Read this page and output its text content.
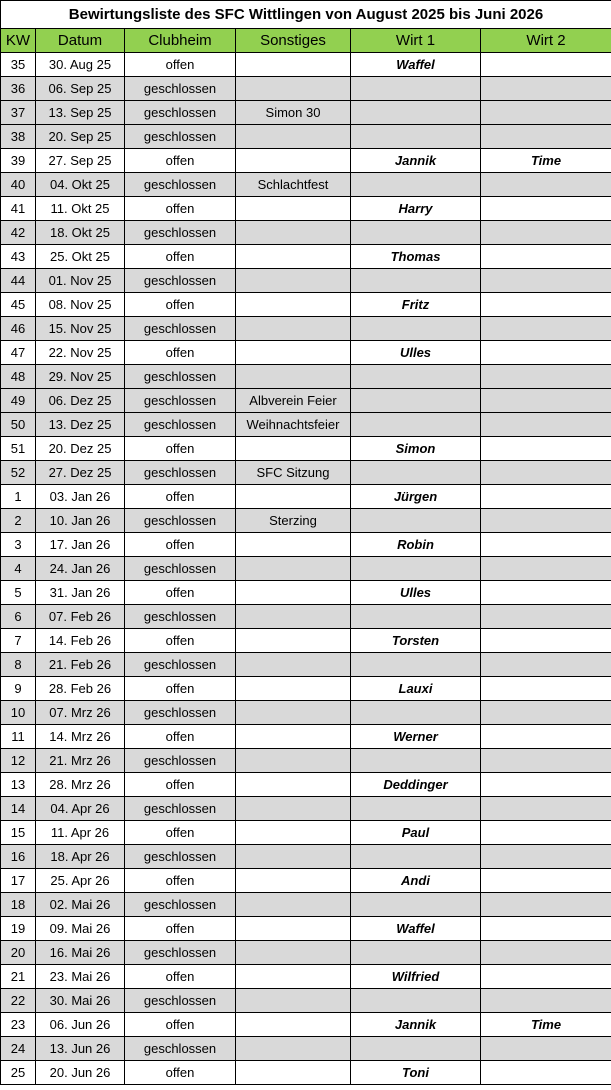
Bewirtungsliste des SFC Wittlingen von August 2025 bis Juni 2026					
KW	Datum	Clubheim	Sonstiges	Wirt 1	Wirt 2
35	30. Aug 25	offen		Waffel	
36	06. Sep 25	geschlossen			
37	13. Sep 25	geschlossen	Simon 30		
38	20. Sep 25	geschlossen			
39	27. Sep 25	offen		Jannik	Time
40	04. Okt 25	geschlossen	Schlachtfest		
41	11. Okt 25	offen		Harry	
42	18. Okt 25	geschlossen			
43	25. Okt 25	offen		Thomas	
44	01. Nov 25	geschlossen			
45	08. Nov 25	offen		Fritz	
46	15. Nov 25	geschlossen			
47	22. Nov 25	offen		Ulles	
48	29. Nov 25	geschlossen			
49	06. Dez 25	geschlossen	Albverein Feier		
50	13. Dez 25	geschlossen	Weihnachtsfeier		
51	20. Dez 25	offen		Simon	
52	27. Dez 25	geschlossen	SFC Sitzung		
1	03. Jan 26	offen		Jürgen	
2	10. Jan 26	geschlossen	Sterzing		
3	17. Jan 26	offen		Robin	
4	24. Jan 26	geschlossen			
5	31. Jan 26	offen		Ulles	
6	07. Feb 26	geschlossen			
7	14. Feb 26	offen		Torsten	
8	21. Feb 26	geschlossen			
9	28. Feb 26	offen		Lauxi	
10	07. Mrz 26	geschlossen			
11	14. Mrz 26	offen		Werner	
12	21. Mrz 26	geschlossen			
13	28. Mrz 26	offen		Deddinger	
14	04. Apr 26	geschlossen			
15	11. Apr 26	offen		Paul	
16	18. Apr 26	geschlossen			
17	25. Apr 26	offen		Andi	
18	02. Mai 26	geschlossen			
19	09. Mai 26	offen		Waffel	
20	16. Mai 26	geschlossen			
21	23. Mai 26	offen		Wilfried	
22	30. Mai 26	geschlossen			
23	06. Jun 26	offen		Jannik	Time
24	13. Jun 26	geschlossen			
25	20. Jun 26	offen		Toni	
